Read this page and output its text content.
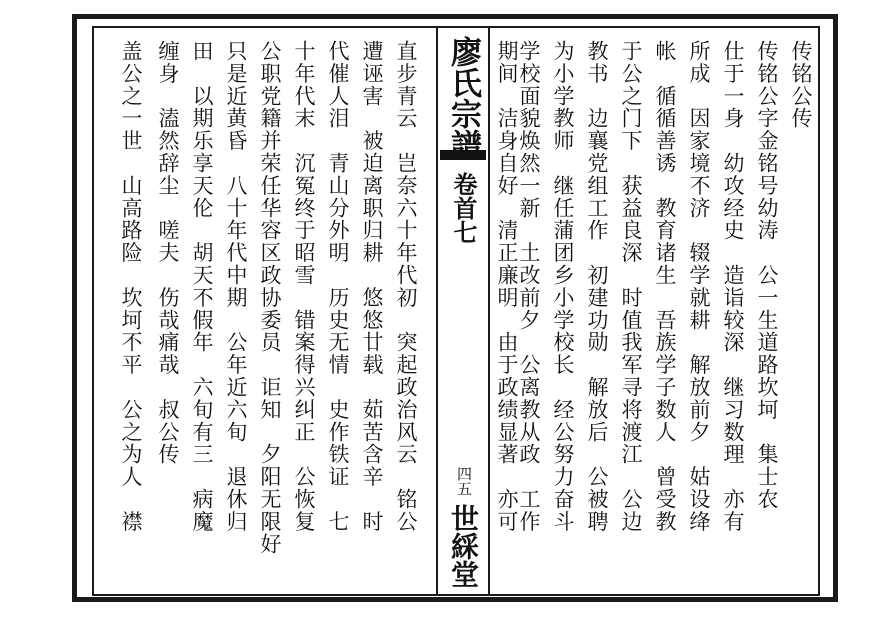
传铭公传
传铭公字金铭号幼涛　公一生道路坎坷　集士农
仕于一身　幼攻经史　造诣较深　继习数理　亦有
所成　因家境不济　辍学就耕　解放前夕　姑设绛
帐　循循善诱　教育诸生　吾族学子数人　曾受教
于公之门下　获益良深　时值我军寻将渡江　公边
教书　边襄党组工作　初建功勋　解放后　公被聘
为小学教师　继任蒲团乡小学校长　经公努力奋斗
学校面貌焕然一新　土改前夕　公离教从政　工作
期间　洁身自好　清正廉明　由于政绩显著　亦可
廖氏宗譜
卷首七
四五
世綵堂
直步青云　岂奈六十年代初　突起政治风云　铭公
遭诬害　被迫离职归耕　悠悠廿载　茹苦含辛　时
代催人泪　青山分外明　历史无情　史作铁证　七
十年代末　沉冤终于昭雪　错案得兴纠正　公恢复
公职党籍并荣任华容区政协委员　讵知　夕阳无限好
只是近黄昏　八十年代中期　公年近六旬　退休归
田　以期乐享天伦　胡天不假年　六旬有三　病魔
缠身　溘然辞尘　嗟夫　伤哉痛哉　叔公传
盖公之一世　山高路险　坎坷不平　公之为人　襟
